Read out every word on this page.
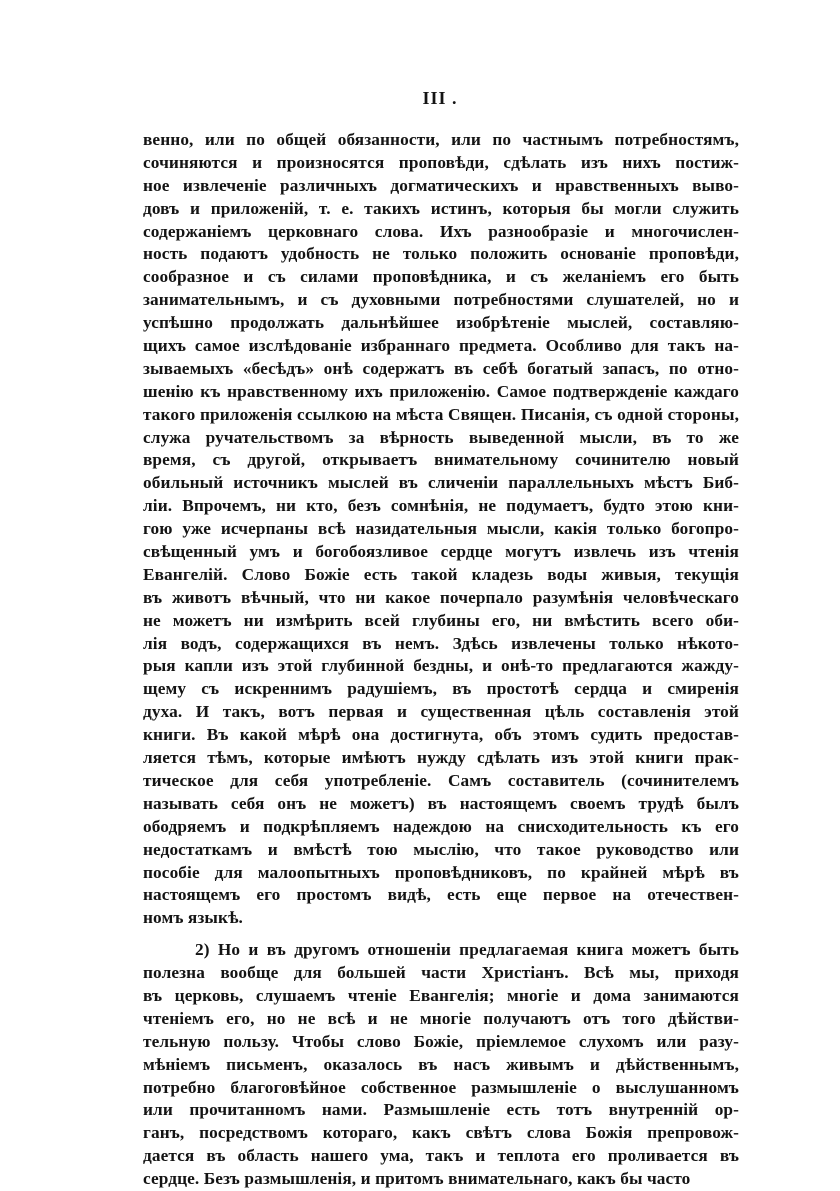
III .
венно, или по общей обязанности, или по частнымъ потребностямъ,
сочиняются и произносятся проповѣди, сдѣлать изъ нихъ постиж-
ное извлеченіе различныхъ догматическихъ и нравственныхъ выво-
довъ и приложеній, т. е. такихъ истинъ, которыя бы могли служить
содержаніемъ церковнаго слова. Ихъ разнообразіе и многочислен-
ность подаютъ удобность не только положить основаніе проповѣди,
сообразное и съ силами проповѣдника, и съ желаніемъ его быть
занимательнымъ, и съ духовными потребностями слушателей, но и
успѣшно продолжать дальнѣйшее изобрѣтеніе мыслей, составляю-
щихъ самое изслѣдованіе избраннаго предмета. Особливо для такъ на-
зываемыхъ «бесѣдъ» онѣ содержатъ въ себѣ богатый запасъ, по отно-
шенію къ нравственному ихъ приложенію. Самое подтвержденіе каждаго
такого приложенія ссылкою на мѣста Священ. Писанія, съ одной стороны,
служа ручательствомъ за вѣрность выведенной мысли, въ то же
время, съ другой, открываетъ внимательному сочинителю новый
обильный источникъ мыслей въ сличеніи параллельныхъ мѣстъ Биб-
ліи. Впрочемъ, ни кто, безъ сомнѣнія, не подумаетъ, будто этою кни-
гою уже исчерпаны всѣ назидательныя мысли, какія только богопро-
свѣщенный умъ и богобоязливое сердце могутъ извлечь изъ чтенія
Евангелій. Слово Божіе есть такой кладезь воды живыя, текущія
въ животъ вѣчный, что ни какое почерпало разумѣнія человѣческаго
не можетъ ни измѣрить всей глубины его, ни вмѣстить всего оби-
лія водъ, содержащихся въ немъ. Здѣсь извлечены только нѣкото-
рыя капли изъ этой глубинной бездны, и онѣ-то предлагаются жажду-
щему съ искреннимъ радушіемъ, въ простотѣ сердца и смиренія
духа. И такъ, вотъ первая и существенная цѣль составленія этой
книги. Въ какой мѣрѣ она достигнута, объ этомъ судить предостав-
ляется тѣмъ, которые имѣютъ нужду сдѣлать изъ этой книги прак-
тическое для себя употребленіе. Самъ составитель (сочинителемъ
называть себя онъ не можетъ) въ настоящемъ своемъ трудѣ былъ
ободряемъ и подкрѣпляемъ надеждою на снисходительность къ его
недостаткамъ и вмѣстѣ тою мыслію, что такое руководство или
пособіе для малоопытныхъ проповѣдниковъ, по крайней мѣрѣ въ
настоящемъ его простомъ видѣ, есть еще первое на отечествен-
номъ языкѣ.
2) Но и въ другомъ отношеніи предлагаемая книга можетъ быть
полезна вообще для большей части Христіанъ. Всѣ мы, приходя
въ церковь, слушаемъ чтеніе Евангелія; многіе и дома занимаются
чтеніемъ его, но не всѣ и не многіе получаютъ отъ того дѣйстви-
тельную пользу. Чтобы слово Божіе, пріемлемое слухомъ или разу-
мѣніемъ письменъ, оказалось въ насъ живымъ и дѣйственнымъ,
потребно благоговѣйное собственное размышленіе о выслушанномъ
или прочитанномъ нами. Размышленіе есть тотъ внутренній ор-
ганъ, посредствомъ котораго, какъ свѣтъ слова Божія препровож-
дается въ область нашего ума, такъ и теплота его проливается въ
сердце. Безъ размышленія, и притомъ внимательнаго, какъ бы часто
